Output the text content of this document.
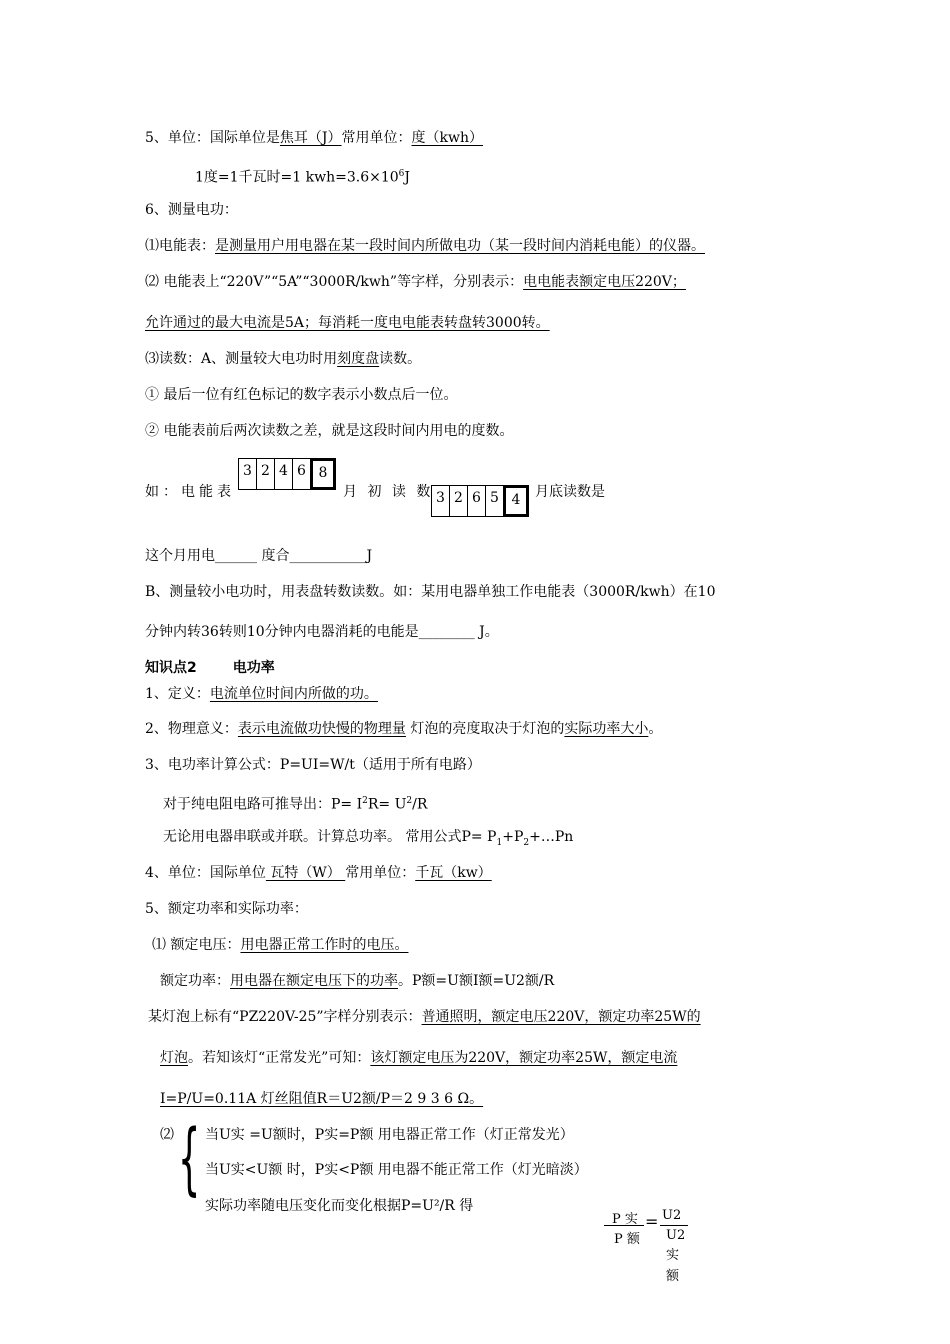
5、单位：国际单位是焦耳（J）常用单位：度（kwh）
1度=1千瓦时=1 $kwh=3.6\times 10^6J$
6、测量电功：
⑴电能表：是测量用户用电器在某一段时间内所做电功（某一段时间内消耗电能）的仪器。
⑵ 电能表上“220V”“5A”“3000R/kwh”等字样，分别表示：电电能表额定电压220V；
允许通过的最大电流是5A；每消耗一度电电能表转盘转3000转。
⑶读数：A、测量较大电功时用刻度盘读数。
① 最后一位有红色标记的数字表示小数点后一位。
② 电能表前后两次读数之差，就是这段时间内用电的度数。
如：电能表
3 2 4 6 8
月 初 读 数 3 2 6 5 4	月底读数是
这个月用电______ 度合___________J
B、测量较小电功时，用表盘转数读数。如：某用电器单独工作电能表（3000R/kwh）在10
分钟内转36转则10分钟内电器消耗的电能是________ J。
知识点2	电功率
1、定义：电流单位时间内所做的功。
2、物理意义：表示电流做功快慢的物理量 灯泡的亮度取决于灯泡的实际功率大小。
3、电功率计算公式：P=UI=W/t（适用于所有电路）
对于纯电阻电路可推导出：$P= I^2R= U^2/R$
无论用电器串联或并联。计算总功率。 常用公式$P= P_1+P_2+\dots Pn$
4、单位：国际单位 瓦特（W） 常用单位：千瓦（kw）
5、额定功率和实际功率：
⑴ 额定电压：用电器正常工作时的电压。
额定功率：用电器在额定电压下的功率。P额=U额I额=U2额/R
某灯泡上标有“PZ220V-25”字样分别表示：普通照明，额定电压220V，额定功率25W的
灯泡。若知该灯“正常发光”可知：该灯额定电压为220V，额定功率25W，额定电流
I=P/U=0.11A 灯丝阻值R＝U2额/P＝2 9 3 6 Ω。
⑵ { 当U实 =U额时，P实=P额 用电器正常工作（灯正常发光）
当U实<U额 时，P实<P额 用电器不能正常工作（灯光暗淡）
实际功率随电压变化而变化根据P=U²/R 得
P 实
P 额
= U2
U2
实
额
